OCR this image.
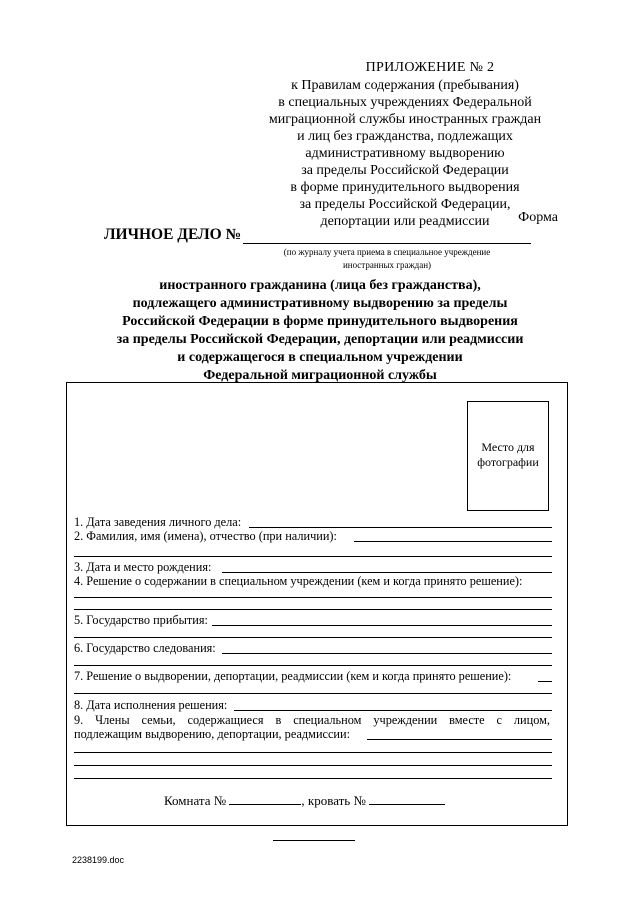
ПРИЛОЖЕНИЕ № 2
к Правилам содержания (пребывания)
в специальных учреждениях Федеральной
миграционной службы иностранных граждан
и лиц без гражданства, подлежащих
административному выдворению
за пределы Российской Федерации
в форме принудительного выдворения
за пределы Российской Федерации,
депортации или реадмиссии	Форма
ЛИЧНОЕ ДЕЛО №
(по журналу учета приема в специальное учреждение
иностранных граждан)
иностранного гражданина (лица без гражданства),
подлежащего административному выдворению за пределы
Российской Федерации в форме принудительного выдворения
за пределы Российской Федерации, депортации или реадмиссии
и содержащегося в специальном учреждении
Федеральной миграционной службы
Место для
фотографии
1. Дата заведения личного дела:
2. Фамилия, имя (имена), отчество (при наличии):
3. Дата и место рождения:
4. Решение о содержании в специальном учреждении (кем и когда принято решение):
5. Государство прибытия:
6. Государство следования:
7. Решение о выдворении, депортации, реадмиссии (кем и когда принято решение):
8. Дата исполнения решения:
9. Члены семьи, содержащиеся в специальном учреждении вместе с лицом,
подлежащим выдворению, депортации, реадмиссии:
Комната №	, кровать №
2238199.doc
